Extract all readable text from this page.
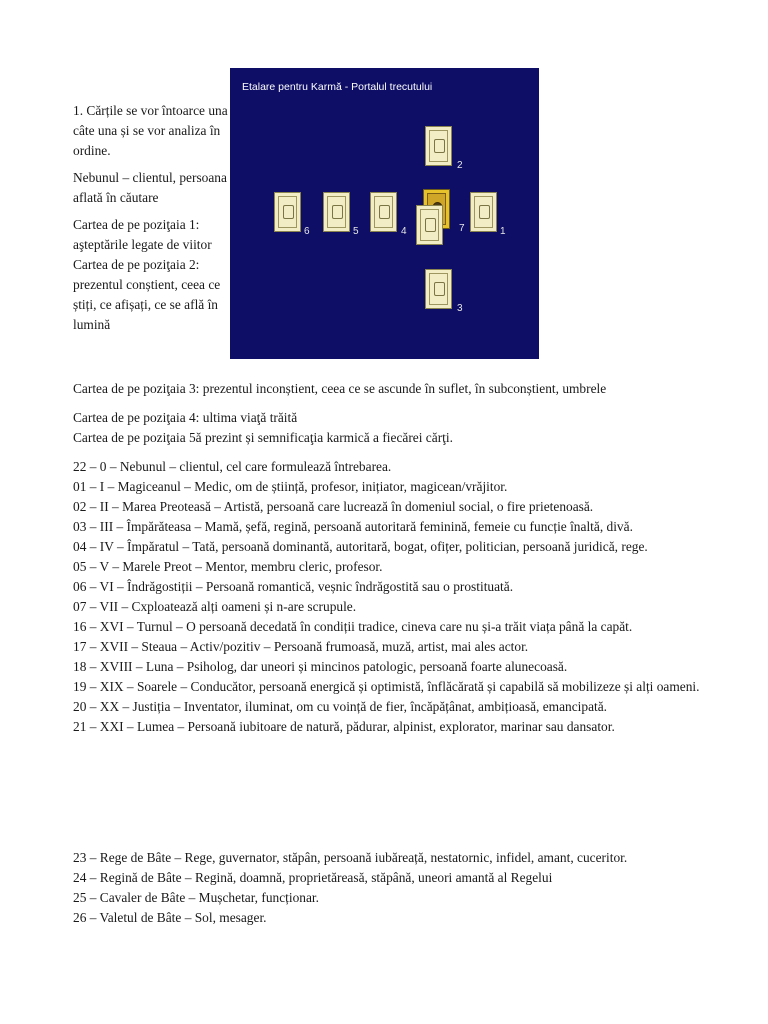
1. Cărțile se vor întoarce una câte una și se vor analiza în ordine.

Nebunul – clientul, persoana aflată în căutare

Cartea de pe poziţaia 1: aşteptările legate de viitor

Cartea de pe poziţaia 2: prezentul conștient, ceea ce știți, ce afișați, ce se află în lumină

Etalare pentru Karmă - Portalul trecutului
6	5	4	7	1
2
3
Cartea de pe poziţaia 3: prezentul inconștient, ceea ce se ascunde în suflet, în subconștient, umbrele
Cartea de pe poziţaia 4: ultima viaţă trăită
Cartea de pe poziţaia 5ă prezint și semnificaţia karmică a fiecărei cărţi.
22 – 0 – Nebunul – clientul, cel care formulează întrebarea.
01 – I – Magiceanul – Medic, om de știință, profesor, inițiator, magicean/vrăjitor.
02 – II – Marea Preoteasă – Artistă, persoană care lucrează în domeniul social, o fire prietenoasă.
03 – III – Împărăteasa – Mamă, șefă, regină, persoană autoritară feminină, femeie cu funcție înaltă, divă.
04 – IV – Împăratul – Tată, persoană dominantă, autoritară, bogat, ofițer, politician, persoană juridică, rege.
05 – V – Marele Preot – Mentor, membru cleric, profesor.
06 – VI – Îndrăgostiții – Persoană romantică, veșnic îndrăgostită sau o prostituată.
07 – VII – Cxploatează alți oameni și n-are scrupule.
16 – XVI – Turnul – O persoană decedată în condiții tradice, cineva care nu și-a trăit viața până la capăt.
17 – XVII – Steaua – Activ/pozitiv – Persoană frumoasă, muză, artist, mai ales actor.
18 – XVIII – Luna – Psiholog, dar uneori și mincinos patologic, persoană foarte alunecoasă.
19 – XIX – Soarele – Conducător, persoană energică și optimistă, înflăcărată și capabilă să mobilizeze și alți oameni.
20 – XX – Justiția – Inventator, iluminat, om cu voință de fier, încăpățânat, ambițioasă, emancipată.
21 – XXI – Lumea – Persoană iubitoare de natură, pădurar, alpinist, explorator, marinar sau dansator.
23 – Rege de Bâte – Rege, guvernator, stăpân, persoană iubăreață, nestatornic, infidel, amant, cuceritor.
24 – Regină de Bâte – Regină, doamnă, proprietăreasă, stăpână, uneori amantă al Regelui
25 – Cavaler de Bâte – Mușchetar, funcționar.
26 – Valetul de Bâte – Sol, mesager.
